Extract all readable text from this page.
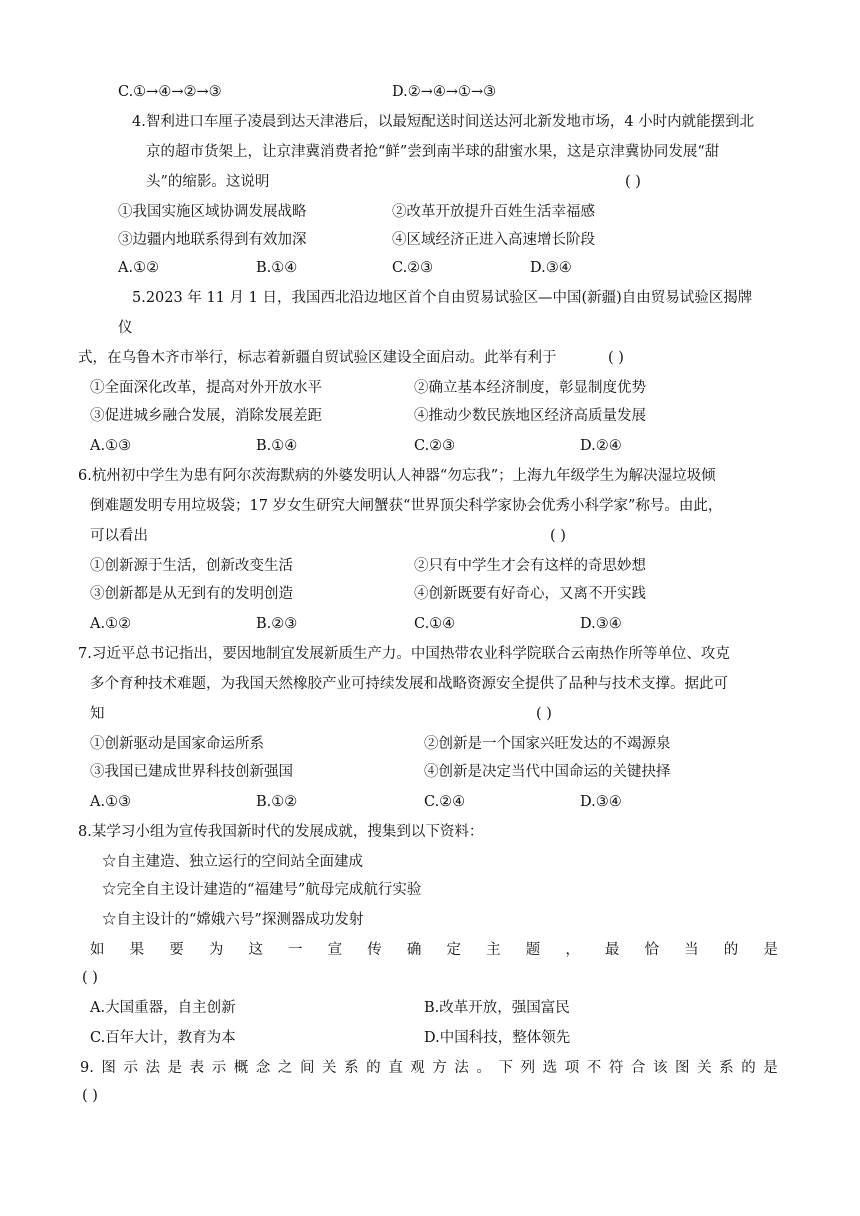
C.①→④→②→③	D.②→④→①→③
4.智利进口车厘子凌晨到达天津港后，以最短配送时间送达河北新发地市场，4 小时内就能摆到北
京的超市货架上，让京津冀消费者抢“鲜”尝到南半球的甜蜜水果，这是京津冀协同发展“甜
头”的缩影。这说明	( )
①我国实施区域协调发展战略	②改革开放提升百姓生活幸福感
③边疆内地联系得到有效加深	④区域经济正进入高速增长阶段
A.①②	B.①④	C.②③	D.③④
5.2023 年 11 月 1 日，我国西北沿边地区首个自由贸易试验区—中国(新疆)自由贸易试验区揭牌
仪
式，在乌鲁木齐市举行，标志着新疆自贸试验区建设全面启动。此举有利于	( )
①全面深化改革，提高对外开放水平	②确立基本经济制度，彰显制度优势
③促进城乡融合发展，消除发展差距	④推动少数民族地区经济高质量发展
A.①③	B.①④	C.②③	D.②④
6.杭州初中学生为患有阿尔茨海默病的外婆发明认人神器“勿忘我”；上海九年级学生为解决湿垃圾倾
倒难题发明专用垃圾袋；17 岁女生研究大闸蟹获“世界顶尖科学家协会优秀小科学家”称号。由此，
可以看出	( )
①创新源于生活，创新改变生活	②只有中学生才会有这样的奇思妙想
③创新都是从无到有的发明创造	④创新既要有好奇心，又离不开实践
A.①②	B.②③	C.①④	D.③④
7.习近平总书记指出，要因地制宜发展新质生产力。中国热带农业科学院联合云南热作所等单位、攻克
多个育种技术难题，为我国天然橡胶产业可持续发展和战略资源安全提供了品种与技术支撑。据此可
知	( )
①创新驱动是国家命运所系	②创新是一个国家兴旺发达的不竭源泉
③我国已建成世界科技创新强国	④创新是决定当代中国命运的关键抉择
A.①③	B.①②	C.②④	D.③④
8.某学习小组为宣传我国新时代的发展成就，搜集到以下资料：
☆自主建造、独立运行的空间站全面建成
☆完全自主设计建造的“福建号”航母完成航行实验
☆自主设计的“嫦娥六号”探测器成功发射
如 果 要 为 这 一 宣 传 确 定 主 题 ， 最 恰 当 的 是
( )
A.大国重器，自主创新	B.改革开放，强国富民
C.百年大计，教育为本	D.中国科技，整体领先
9. 图 示 法 是 表 示 概 念 之 间 关 系 的 直 观 方 法 。 下 列 选 项 不 符 合 该 图 关 系 的 是
( )
